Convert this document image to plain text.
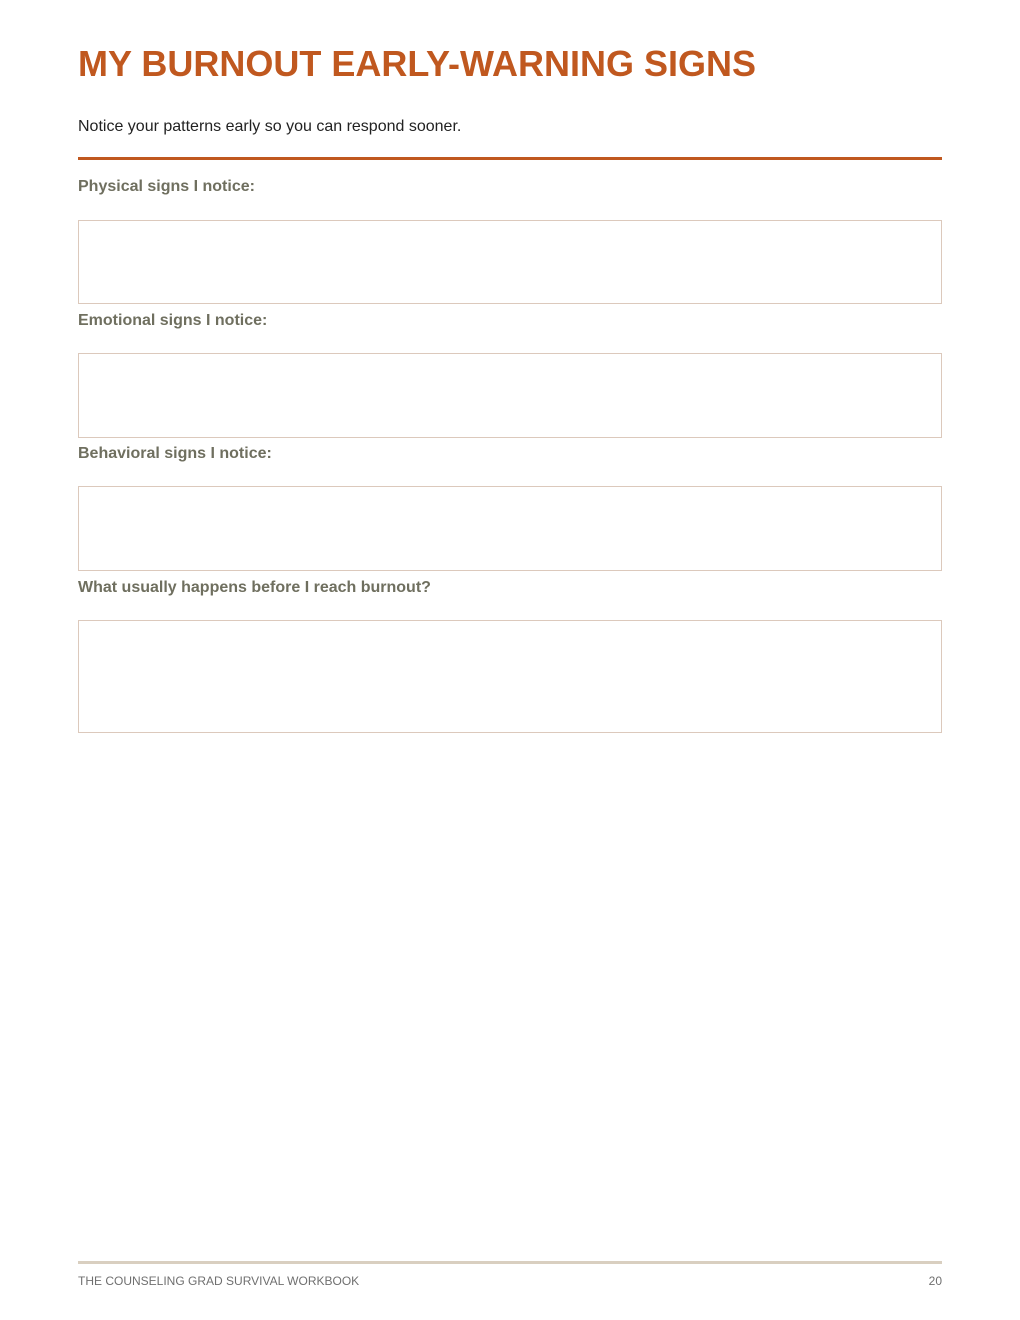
MY BURNOUT EARLY-WARNING SIGNS

Notice your patterns early so you can respond sooner.

Physical signs I notice:

Emotional signs I notice:

Behavioral signs I notice:

What usually happens before I reach burnout?

THE COUNSELING GRAD SURVIVAL WORKBOOK	20
